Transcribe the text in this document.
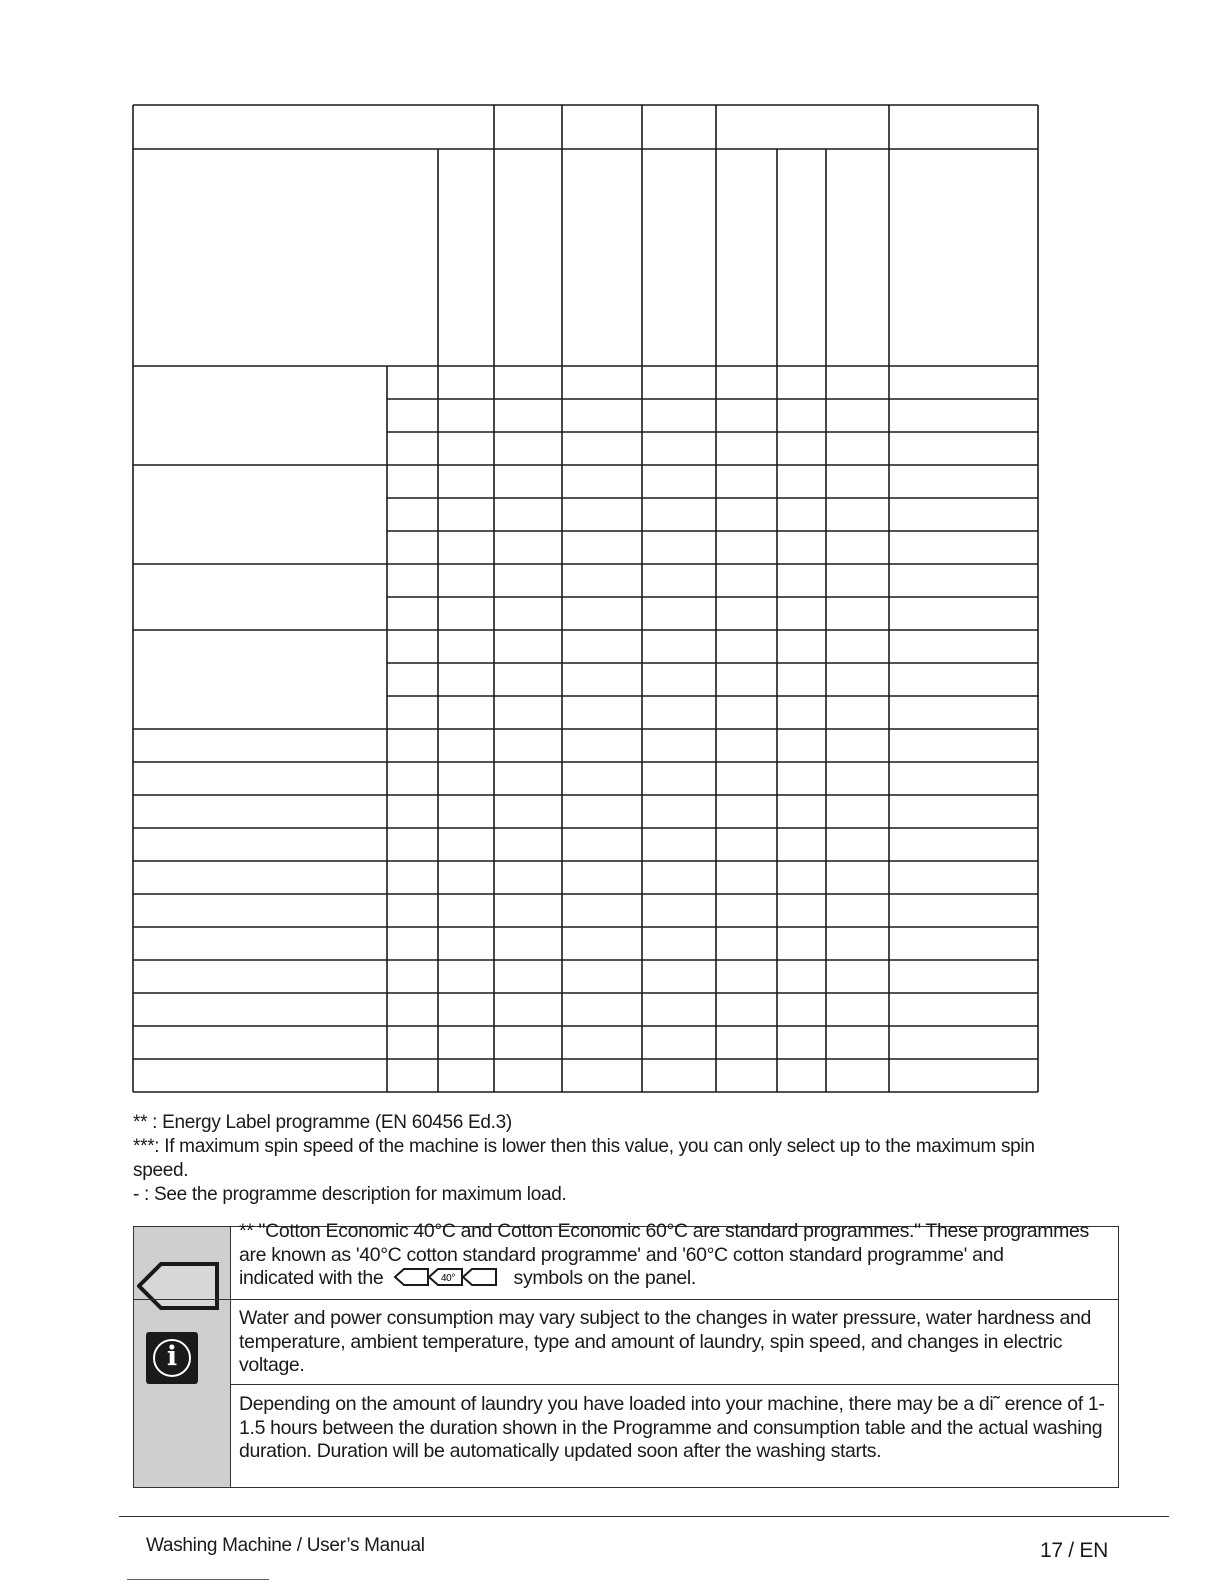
** : Energy Label programme (EN 60456 Ed.3)
***: If maximum spin speed of the machine is lower then this value, you can only select up to the maximum spin speed.
- : See the programme description for maximum load.
i
** "Cotton Economic 40°C and Cotton Economic 60°C are standard programmes." These programmes are known as '40°C cotton standard programme' and '60°C cotton standard programme' and
indicated with the	40°	symbols on the panel.
Water and power consumption may vary subject to the changes in water pressure, water hardness and temperature, ambient temperature, type and amount of laundry, spin speed, and changes in electric voltage.
Depending on the amount of laundry you have loaded into your machine, there may be a di˜ erence of 1-1.5 hours between the duration shown in the Programme and consumption table and the actual washing duration. Duration will be automatically updated soon after the washing starts.
Washing Machine / User’s Manual	17 / EN
